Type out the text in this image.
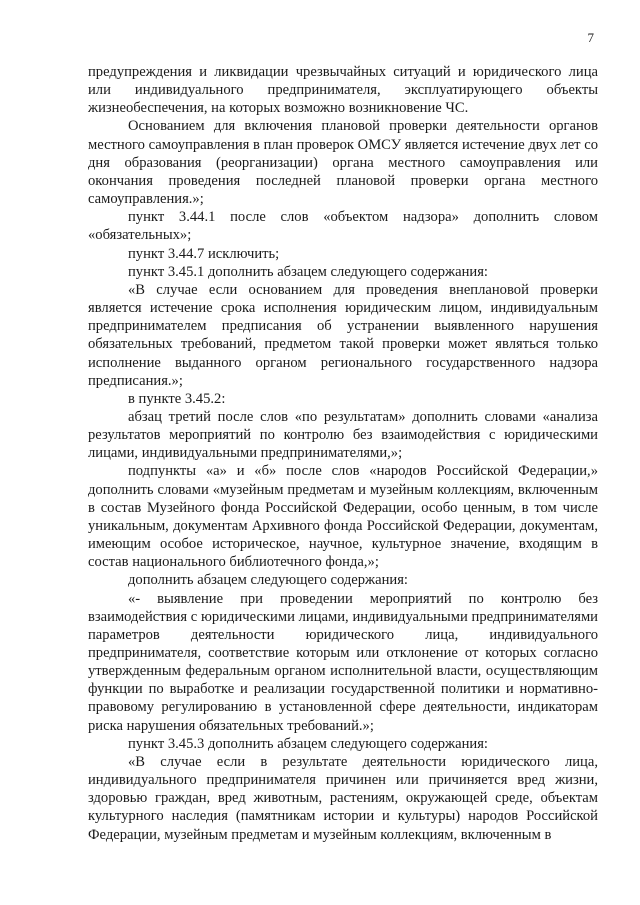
7

предупреждения и ликвидации чрезвычайных ситуаций и юридического лица или индивидуального предпринимателя, эксплуатирующего объекты жизнеобеспечения, на которых возможно возникновение ЧС.

Основанием для включения плановой проверки деятельности органов местного самоуправления в план проверок ОМСУ является истечение двух лет со дня образования (реорганизации) органа местного самоуправления или окончания проведения последней плановой проверки органа местного самоуправления.»;

пункт 3.44.1 после слов «объектом надзора» дополнить словом «обязательных»;

пункт 3.44.7 исключить;

пункт 3.45.1 дополнить абзацем следующего содержания:

«В случае если основанием для проведения внеплановой проверки является истечение срока исполнения юридическим лицом, индивидуальным предпринимателем предписания об устранении выявленного нарушения обязательных требований, предметом такой проверки может являться только исполнение выданного органом регионального государственного надзора предписания.»;

в пункте 3.45.2:

абзац третий после слов «по результатам» дополнить словами «анализа результатов мероприятий по контролю без взаимодействия с юридическими лицами, индивидуальными предпринимателями,»;

подпункты «а» и «б» после слов «народов Российской Федерации,» дополнить словами «музейным предметам и музейным коллекциям, включенным в состав Музейного фонда Российской Федерации, особо ценным, в том числе уникальным, документам Архивного фонда Российской Федерации, документам, имеющим особое историческое, научное, культурное значение, входящим в состав национального библиотечного фонда,»;

дополнить абзацем следующего содержания:

«- выявление при проведении мероприятий по контролю без взаимодействия с юридическими лицами, индивидуальными предпринимателями параметров деятельности юридического лица, индивидуального предпринимателя, соответствие которым или отклонение от которых согласно утвержденным федеральным органом исполнительной власти, осуществляющим функции по выработке и реализации государственной политики и нормативно-правовому регулированию в установленной сфере деятельности, индикаторам риска нарушения обязательных требований.»;

пункт 3.45.3 дополнить абзацем следующего содержания:

«В случае если в результате деятельности юридического лица, индивидуального предпринимателя причинен или причиняется вред жизни, здоровью граждан, вред животным, растениям, окружающей среде, объектам культурного наследия (памятникам истории и культуры) народов Российской Федерации, музейным предметам и музейным коллекциям, включенным в
